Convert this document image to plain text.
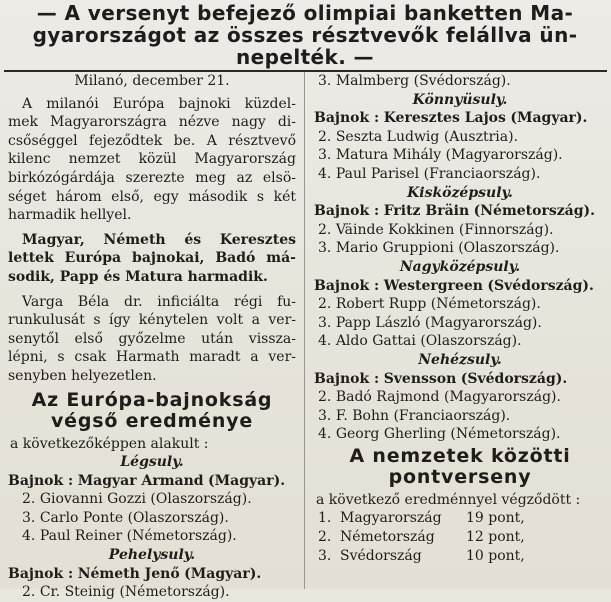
— A versenyt befejező olimpiai banketten Ma-
gyarországot az összes résztvevők felállva ün-
nepelték. —
Milanó, december 21.
A milanói Európa bajnoki küzdel-
mek Magyarországra nézve nagy di-
csőséggel fejeződtek be. A résztvevő
kilenc nemzet közül Magyarország
birkózógárdája szerezte meg az elsö-
séget három első, egy második s két
harmadik hellyel.
Magyar, Németh és Keresztes
lettek Európa bajnokai, Badó má-
sodik, Papp és Matura harmadik.
Varga Béla dr. inficiálta régi fu-
runkulusát s így kénytelen volt a ver-
senytől első győzelme után vissza-
lépni, s csak Harmath maradt a ver-
senyben helyezetlen.
Az Európa-bajnokság
végső eredménye
a következőképpen alakult :
Légsuly.
Bajnok : Magyar Armand (Magyar).
2. Giovanni Gozzi (Olaszország).
3. Carlo Ponte (Olaszország).
4. Paul Reiner (Németország).
Pehelysuly.
Bajnok : Németh Jenő (Magyar).
2. Cr. Steinig (Németország).
3. Malmberg (Svédország).
Könnyüsuly.
Bajnok : Keresztes Lajos (Magyar).
2. Seszta Ludwig (Ausztria).
3. Matura Mihály (Magyarország).
4. Paul Parisel (Franciaország).
Kisközépsuly.
Bajnok : Fritz Bräin (Németország).
2. Väinde Kokkinen (Finnország).
3. Mario Gruppioni (Olaszország).
Nagyközépsuly.
Bajnok : Westergreen (Svédország).
2. Robert Rupp (Németország).
3. Papp László (Magyarország).
4. Aldo Gattai (Olaszország).
Nehézsuly.
Bajnok : Svensson (Svédország).
2. Badó Rajmond (Magyarország).
3. F. Bohn (Franciaország).
4. Georg Gherling (Németország).
A nemzetek közötti
pontverseny
a következő eredménnyel végződött :
1. Magyarország 19 pont,
2. Németország 12 pont,
3. Svédország	10 pont,
